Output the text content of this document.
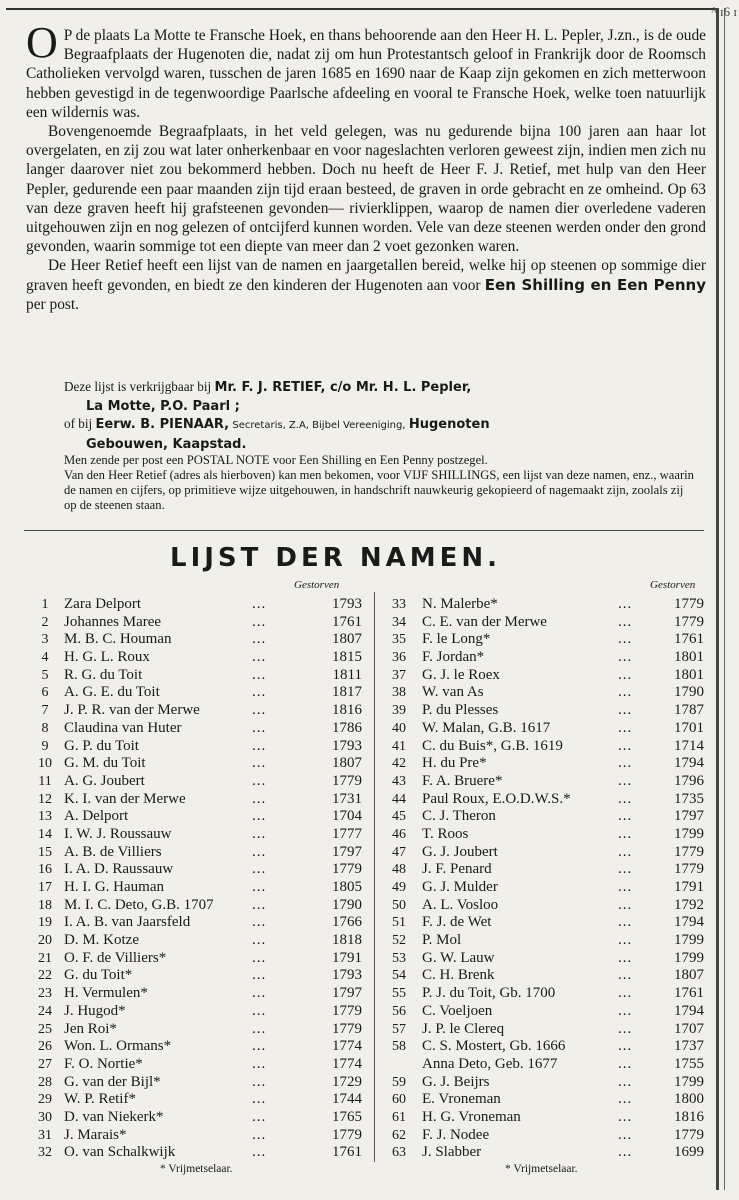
ᴬ ɪ6 ɪ

O P de plaats La Motte te Fransche Hoek, en thans behoorende aan den Heer H. L. Pepler, J.zn., is de oude Begraafplaats der Hugenoten die, nadat zij om hun Protestantsch geloof in Frankrijk door de Roomsch Catholieken vervolgd waren, tusschen de jaren 1685 en 1690 naar de Kaap zijn gekomen en zich metterwoon hebben gevestigd in de tegenwoordige Paarlsche afdeeling en vooral te Fransche Hoek, welke toen natuurlijk een wildernis was.

Bovengenoemde Begraafplaats, in het veld gelegen, was nu gedurende bijna 100 jaren aan haar lot overgelaten, en zij zou wat later onherkenbaar en voor nageslachten verloren geweest zijn, indien men zich nu langer daarover niet zou bekommerd hebben. Doch nu heeft de Heer F. J. Retief, met hulp van den Heer Pepler, gedurende een paar maanden zijn tijd eraan besteed, de graven in orde gebracht en ze omheind. Op 63 van deze graven heeft hij grafsteenen gevonden— rivierklippen, waarop de namen dier overledene vaderen uitgehouwen zijn en nog gelezen of ontcijferd kunnen worden. Vele van deze steenen werden onder den grond gevonden, waarin sommige tot een diepte van meer dan 2 voet gezonken waren.

De Heer Retief heeft een lijst van de namen en jaargetallen bereid, welke hij op steenen op sommige dier graven heeft gevonden, en biedt ze den kinderen der Hugenoten aan voor Een Shilling en Een Penny per post.

Deze lijst is verkrijgbaar bij Mr. F. J. RETIEF, c/o Mr. H. L. Pepler,
La Motte, P.O. Paarl ;
of bij Eerw. B. PIENAAR, Secretaris, Z.A, Bijbel Vereeniging, Hugenoten
Gebouwen, Kaapstad.
Men zende per post een POSTAL NOTE voor Een Shilling en Een Penny postzegel.
Van den Heer Retief (adres als hierboven) kan men bekomen, voor VIJF SHILLINGS, een lijst van deze namen, enz., waarin de namen en cijfers, op primitieve wijze uitgehouwen, in handschrift nauwkeurig gekopieerd of nagemaakt zijn, zoolals zij op de steenen staan.
LIJST DER NAMEN.
Gestorven	Gestorven
1	Zara Delport	...	1793
2	Johannes Maree	...	1761
3	M. B. C. Houman	...	1807
4	H. G. L. Roux	...	1815
5	R. G. du Toit	...	1811
6	A. G. E. du Toit	...	1817
7	J. P. R. van der Merwe	...	1816
8	Claudina van Huter	...	1786
9	G. P. du Toit	...	1793
10 G. M. du Toit	...	1807
11 A. G. Joubert	...	1779
12 K. I. van der Merwe	...	1731
13 A. Delport	...	1704
14 I. W. J. Roussauw	...	1777
15 A. B. de Villiers	...	1797
16 I. A. D. Raussauw	...	1779
17 H. I. G. Hauman	...	1805
18 M. I. C. Deto, G.B. 1707	...	1790
19 I. A. B. van Jaarsfeld	...	1766
20 D. M. Kotze	...	1818
21 O. F. de Villiers*	...	1791
22 G. du Toit*	...	1793
23 H. Vermulen*	...	1797
24 J. Hugod*	...	1779
25 Jen Roi*	...	1779
26 Won. L. Ormans*	...	1774
27 F. O. Nortie*	...	1774
28 G. van der Bijl*	...	1729
29 W. P. Retif*	...	1744
30 D. van Niekerk*	...	1765
31 J. Marais*	...	1779
32 O. van Schalkwijk	...	1761
33	N. Malerbe*	...	1779
34	C. E. van der Merwe	...	1779
35	F. le Long*	...	1761
36	F. Jordan*	...	1801
37	G. J. le Roex	...	1801
38	W. van As	...	1790
39	P. du Plesses	...	1787
40	W. Malan, G.B. 1617	...	1701
41	C. du Buis*, G.B. 1619	...	1714
42	H. du Pre*	...	1794
43	F. A. Bruere*	...	1796
44	Paul Roux, E.O.D.W.S.*	...	1735
45	C. J. Theron	...	1797
46	T. Roos	...	1799
47	G. J. Joubert	...	1779
48	J. F. Penard	...	1779
49	G. J. Mulder	...	1791
50	A. L. Vosloo	...	1792
51	F. J. de Wet	...	1794
52	P. Mol	...	1799
53	G. W. Lauw	...	1799
54	C. H. Brenk	...	1807
55	P. J. du Toit, Gb. 1700	...	1761
56	C. Voeljoen	...	1794
57	J. P. le Clereq	...	1707
58	C. S. Mostert, Gb. 1666	...	1737
Anna Deto, Geb. 1677	...	1755
59	G. J. Beijrs	...	1799
60	E. Vroneman	...	1800
61	H. G. Vroneman	...	1816
62	F. J. Nodee	...	1779
63	J. Slabber	...	1699
* Vrijmetselaar.	* Vrijmetselaar.
